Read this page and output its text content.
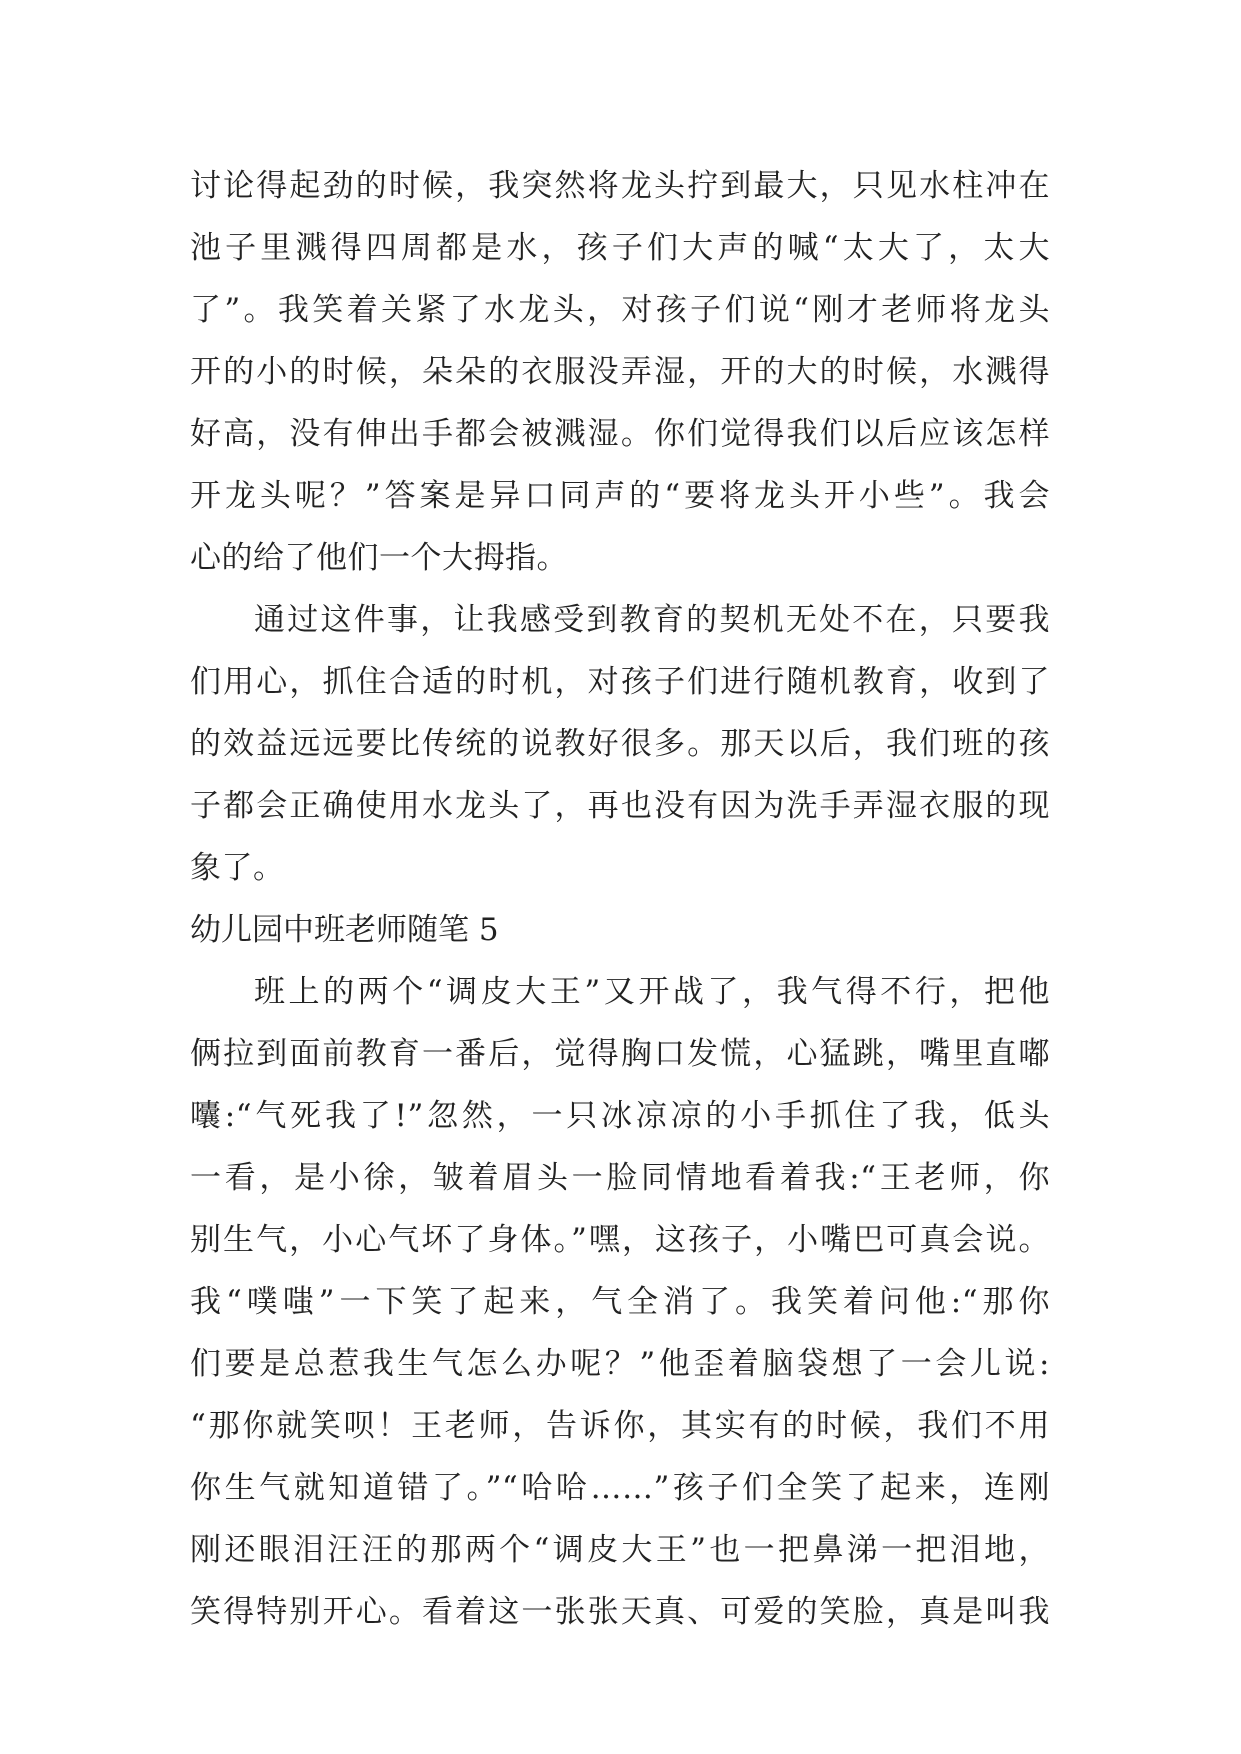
讨论得起劲的时候，我突然将龙头拧到最大，只见水柱冲在
池子里溅得四周都是水，孩子们大声的喊“太大了，太大
了”。我笑着关紧了水龙头，对孩子们说“刚才老师将龙头
开的小的时候，朵朵的衣服没弄湿，开的大的时候，水溅得
好高，没有伸出手都会被溅湿。你们觉得我们以后应该怎样
开龙头呢？”答案是异口同声的“要将龙头开小些”。我会
心的给了他们一个大拇指。
通过这件事，让我感受到教育的契机无处不在，只要我
们用心，抓住合适的时机，对孩子们进行随机教育，收到了
的效益远远要比传统的说教好很多。那天以后，我们班的孩
子都会正确使用水龙头了，再也没有因为洗手弄湿衣服的现
象了。
幼儿园中班老师随笔 5
班上的两个“调皮大王”又开战了，我气得不行，把他
俩拉到面前教育一番后，觉得胸口发慌，心猛跳，嘴里直嘟
囔:“气死我了!”忽然，一只冰凉凉的小手抓住了我，低头
一看，是小徐，皱着眉头一脸同情地看着我:“王老师，你
别生气，小心气坏了身体。”嘿，这孩子，小嘴巴可真会说。
我“噗嗤”一下笑了起来，气全消了。我笑着问他:“那你
们要是总惹我生气怎么办呢？”他歪着脑袋想了一会儿说:
“那你就笑呗！王老师，告诉你，其实有的时候，我们不用
你生气就知道错了。”“哈哈……”孩子们全笑了起来，连刚
刚还眼泪汪汪的那两个“调皮大王”也一把鼻涕一把泪地，
笑得特别开心。看着这一张张天真、可爱的笑脸，真是叫我
